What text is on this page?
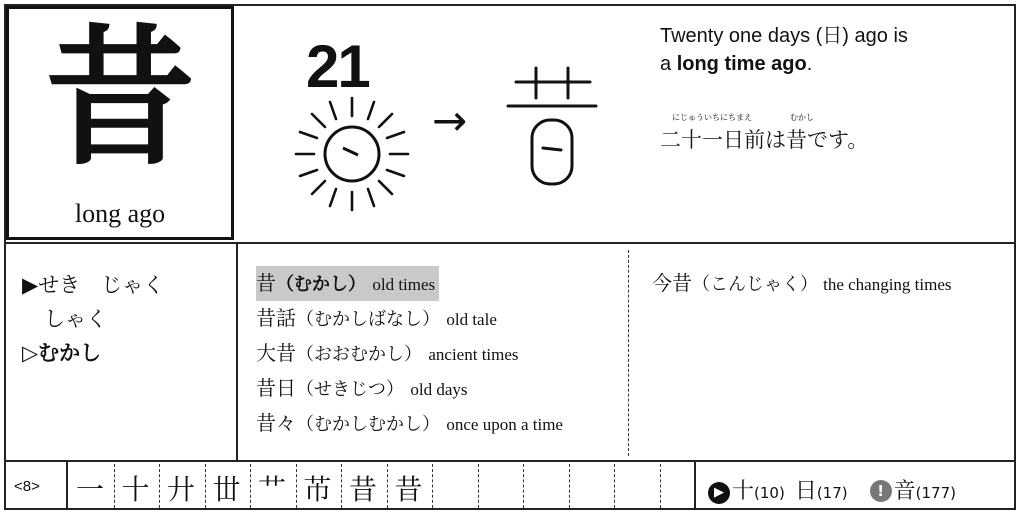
昔
long ago
21
→
Twenty one days (日) ago is
a long time ago.
にじゅういちにちまえ	むかし
二十一日前は昔です。
▶せき　じゃく
しゃく
▷むかし
昔（むかし） old times

昔話（むかしばなし） old tale
大昔（おおむかし） ancient times
昔日（せきじつ） old days
昔々（むかしむかし） once upon a time
今昔（こんじゃく） the changing times
<8> 一 十 廾 丗 艹 芇 昔 昔	▶ 十(10) 日(17) ! 音(177)
